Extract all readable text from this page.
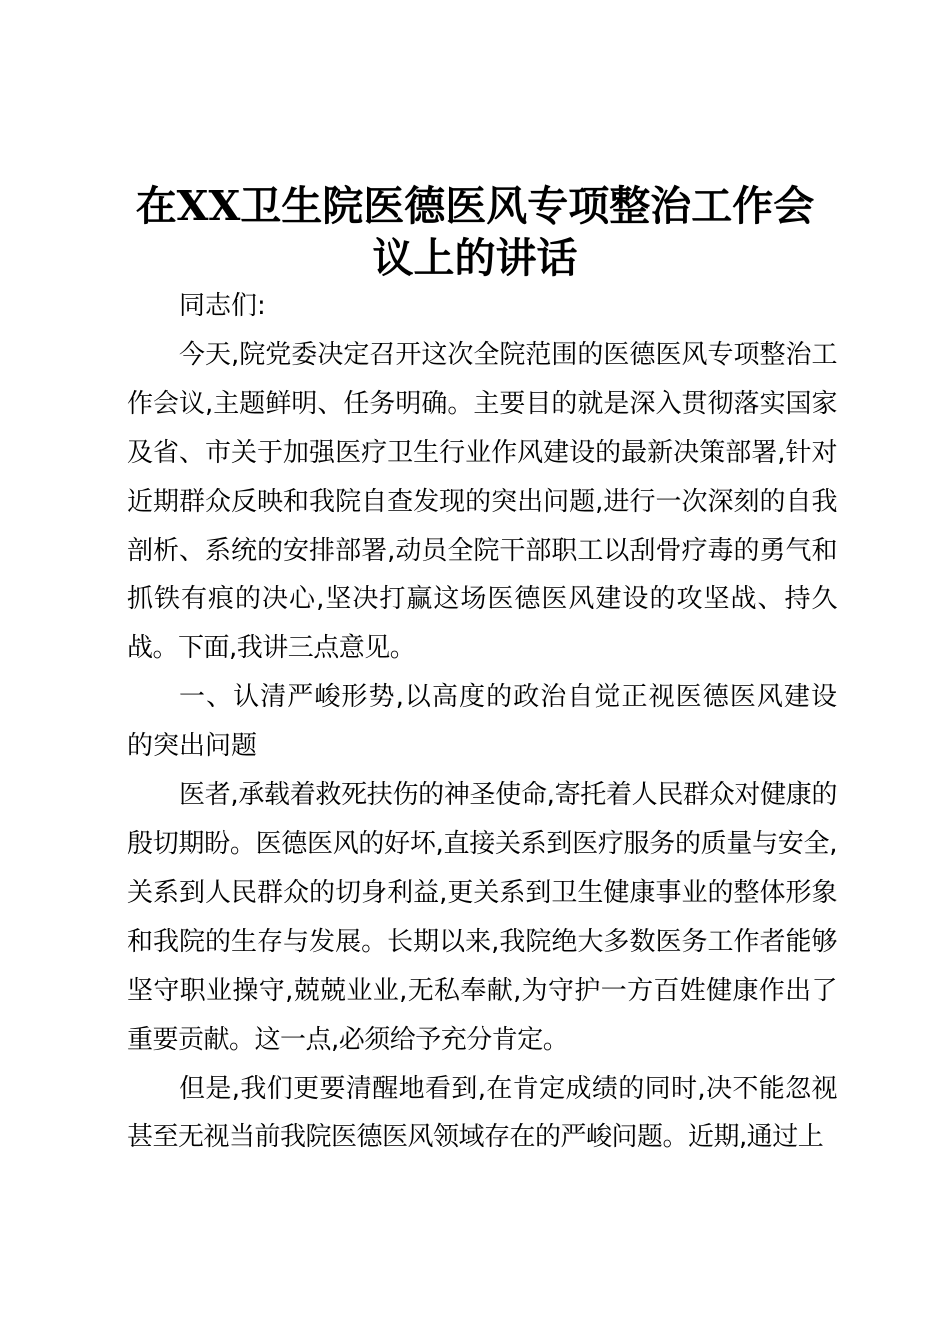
在XX卫生院医德医风专项整治工作会议上的讲话

同志们:

今天,院党委决定召开这次全院范围的医德医风专项整治工作会议,主题鲜明、任务明确。主要目的就是深入贯彻落实国家及省、市关于加强医疗卫生行业作风建设的最新决策部署,针对近期群众反映和我院自查发现的突出问题,进行一次深刻的自我剖析、系统的安排部署,动员全院干部职工以刮骨疗毒的勇气和抓铁有痕的决心,坚决打赢这场医德医风建设的攻坚战、持久战。下面,我讲三点意见。

一、认清严峻形势,以高度的政治自觉正视医德医风建设的突出问题

医者,承载着救死扶伤的神圣使命,寄托着人民群众对健康的殷切期盼。医德医风的好坏,直接关系到医疗服务的质量与安全,关系到人民群众的切身利益,更关系到卫生健康事业的整体形象和我院的生存与发展。长期以来,我院绝大多数医务工作者能够坚守职业操守,兢兢业业,无私奉献,为守护一方百姓健康作出了重要贡献。这一点,必须给予充分肯定。

但是,我们更要清醒地看到,在肯定成绩的同时,决不能忽视甚至无视当前我院医德医风领域存在的严峻问题。近期,通过上
